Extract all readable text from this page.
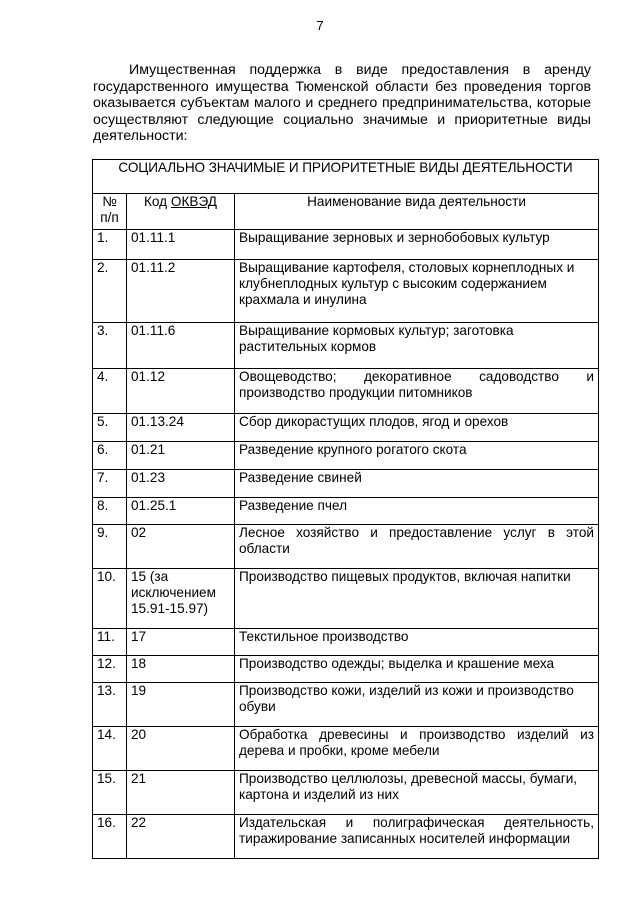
7

Имущественная поддержка в виде предоставления в аренду государственного имущества Тюменской области без проведения торгов оказывается субъектам малого и среднего предпринимательства, которые осуществляют следующие социально значимые и приоритетные виды деятельности:

СОЦИАЛЬНО ЗНАЧИМЫЕ И ПРИОРИТЕТНЫЕ ВИДЫ ДЕЯТЕЛЬНОСТИ		
№ п/п	Код ОКВЭД	Наименование вида деятельности
1.	01.11.1	Выращивание зерновых и зернобобовых культур
2.	01.11.2	Выращивание картофеля, столовых корнеплодных и клубнеплодных культур с высоким содержанием крахмала и инулина
3.	01.11.6	Выращивание кормовых культур; заготовка растительных кормов
4.	01.12	Овощеводство; декоративное садоводство и производство продукции питомников
5.	01.13.24	Сбор дикорастущих плодов, ягод и орехов
6.	01.21	Разведение крупного рогатого скота
7.	01.23	Разведение свиней
8.	01.25.1	Разведение пчел
9.	02	Лесное хозяйство и предоставление услуг в этой области
10.	15 (за исключением 15.91-15.97)	Производство пищевых продуктов, включая напитки
11.	17	Текстильное производство
12.	18	Производство одежды; выделка и крашение меха
13.	19	Производство кожи, изделий из кожи и производство обуви
14.	20	Обработка древесины и производство изделий из дерева и пробки, кроме мебели
15.	21	Производство целлюлозы, древесной массы, бумаги, картона и изделий из них
16.	22	Издательская и полиграфическая деятельность, тиражирование записанных носителей информации
